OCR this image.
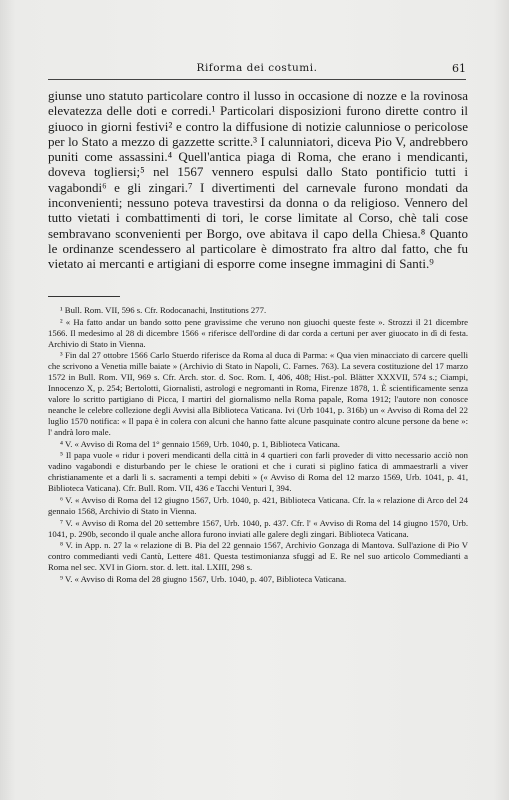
Riforma dei costumi.	61

giunse uno statuto particolare contro il lusso in occasione di nozze e la rovinosa elevatezza delle doti e corredi.¹ Particolari disposizioni furono dirette contro il giuoco in giorni festivi² e contro la diffusione di notizie calunniose o pericolose per lo Stato a mezzo di gazzette scritte.³ I calunniatori, diceva Pio V, andrebbero puniti come assassini.⁴ Quell'antica piaga di Roma, che erano i mendicanti, doveva togliersi;⁵ nel 1567 vennero espulsi dallo Stato pontificio tutti i vagabondi⁶ e gli zingari.⁷ I divertimenti del carnevale furono mondati da inconvenienti; nessuno poteva travestirsi da donna o da religioso. Vennero del tutto vietati i combattimenti di tori, le corse limitate al Corso, chè tali cose sembravano sconvenienti per Borgo, ove abitava il capo della Chiesa.⁸ Quanto le ordinanze scendessero al particolare è dimostrato fra altro dal fatto, che fu vietato ai mercanti e artigiani di esporre come insegne immagini di Santi.⁹

¹ Bull. Rom. VII, 596 s. Cfr. Rodocanachi, Institutions 277.

² « Ha fatto andar un bando sotto pene gravissime che veruno non giuochi queste feste ». Strozzi il 21 dicembre 1566. Il medesimo al 28 di dicembre 1566 « riferisce dell'ordine di dar corda a certuni per aver giuocato in dì di festa. Archivio di Stato in Vienna.

³ Fin dal 27 ottobre 1566 Carlo Stuerdo riferisce da Roma al duca di Parma: « Qua vien minacciato di carcere quelli che scrivono a Venetia mille baiate » (Archivio di Stato in Napoli, C. Farnes. 763). La severa costituzione del 17 marzo 1572 in Bull. Rom. VII, 969 s. Cfr. Arch. stor. d. Soc. Rom. I, 406, 408; Hist.-pol. Blätter XXXVII, 574 s.; Ciampi, Innocenzo X, p. 254; Bertolotti, Giornalisti, astrologi e negromanti in Roma, Firenze 1878, 1. È scientificamente senza valore lo scritto partigiano di Picca, I martiri del giornalismo nella Roma papale, Roma 1912; l'autore non conosce neanche le celebre collezione degli Avvisi alla Biblioteca Vaticana. Ivi (Urb 1041, p. 316b) un « Avviso di Roma del 22 luglio 1570 notifica: « Il papa è in colera con alcuni che hanno fatte alcune pasquinate contro alcune persone da bene »: l' andrà loro male.

⁴ V. « Avviso di Roma del 1° gennaio 1569, Urb. 1040, p. 1, Biblioteca Vaticana.

⁵ Il papa vuole « ridur i poveri mendicanti della città in 4 quartieri con farli proveder di vitto necessario acciò non vadino vagabondi e disturbando per le chiese le orationi et che i curati si piglino fatica di ammaestrarli a viver christianamente et a darli li s. sacramenti a tempi debiti » (« Avviso di Roma del 12 marzo 1569, Urb. 1041, p. 41, Biblioteca Vaticana). Cfr. Bull. Rom. VII, 436 e Tacchi Venturi I, 394.

⁶ V. « Avviso di Roma del 12 giugno 1567, Urb. 1040, p. 421, Biblioteca Vaticana. Cfr. la « relazione di Arco del 24 gennaio 1568, Archivio di Stato in Vienna.

⁷ V. « Avviso di Roma del 20 settembre 1567, Urb. 1040, p. 437. Cfr. l' « Avviso di Roma del 14 giugno 1570, Urb. 1041, p. 290b, secondo il quale anche allora furono inviati alle galere degli zingari. Biblioteca Vaticana.

⁸ V. in App. n. 27 la « relazione di B. Pia del 22 gennaio 1567, Archivio Gonzaga di Mantova. Sull'azione di Pio V contro commedianti vedi Cantù, Lettere 481. Questa testimonianza sfuggì ad E. Re nel suo articolo Commedianti a Roma nel sec. XVI in Giorn. stor. d. lett. ital. LXIII, 298 s.

⁹ V. « Avviso di Roma del 28 giugno 1567, Urb. 1040, p. 407, Biblioteca Vaticana.
